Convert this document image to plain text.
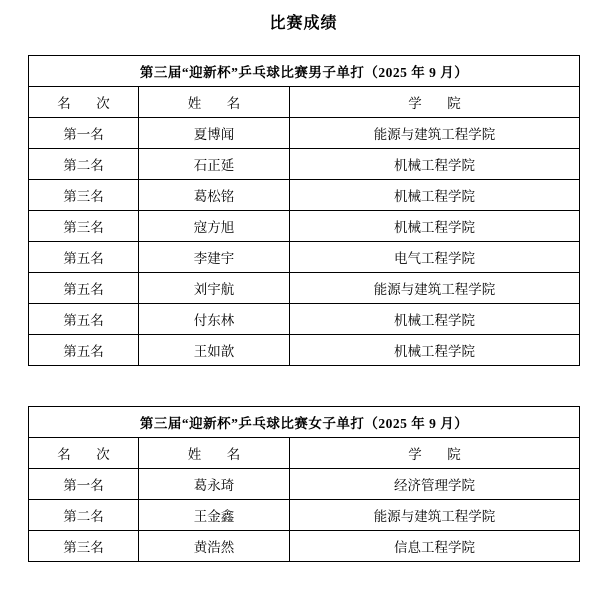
比赛成绩
第三届“迎新杯”乒乓球比赛男子单打（2025 年 9 月）		
名　次	姓　名	学　院
第一名	夏博闻	能源与建筑工程学院
第二名	石正延	机械工程学院
第三名	葛松铭	机械工程学院
第三名	寇方旭	机械工程学院
第五名	李建宇	电气工程学院
第五名	刘宇航	能源与建筑工程学院
第五名	付东林	机械工程学院
第五名	王如歆	机械工程学院
第三届“迎新杯”乒乓球比赛女子单打（2025 年 9 月）		
名　次	姓　名	学　院
第一名	葛永琦	经济管理学院
第二名	王金鑫	能源与建筑工程学院
第三名	黄浩然	信息工程学院
